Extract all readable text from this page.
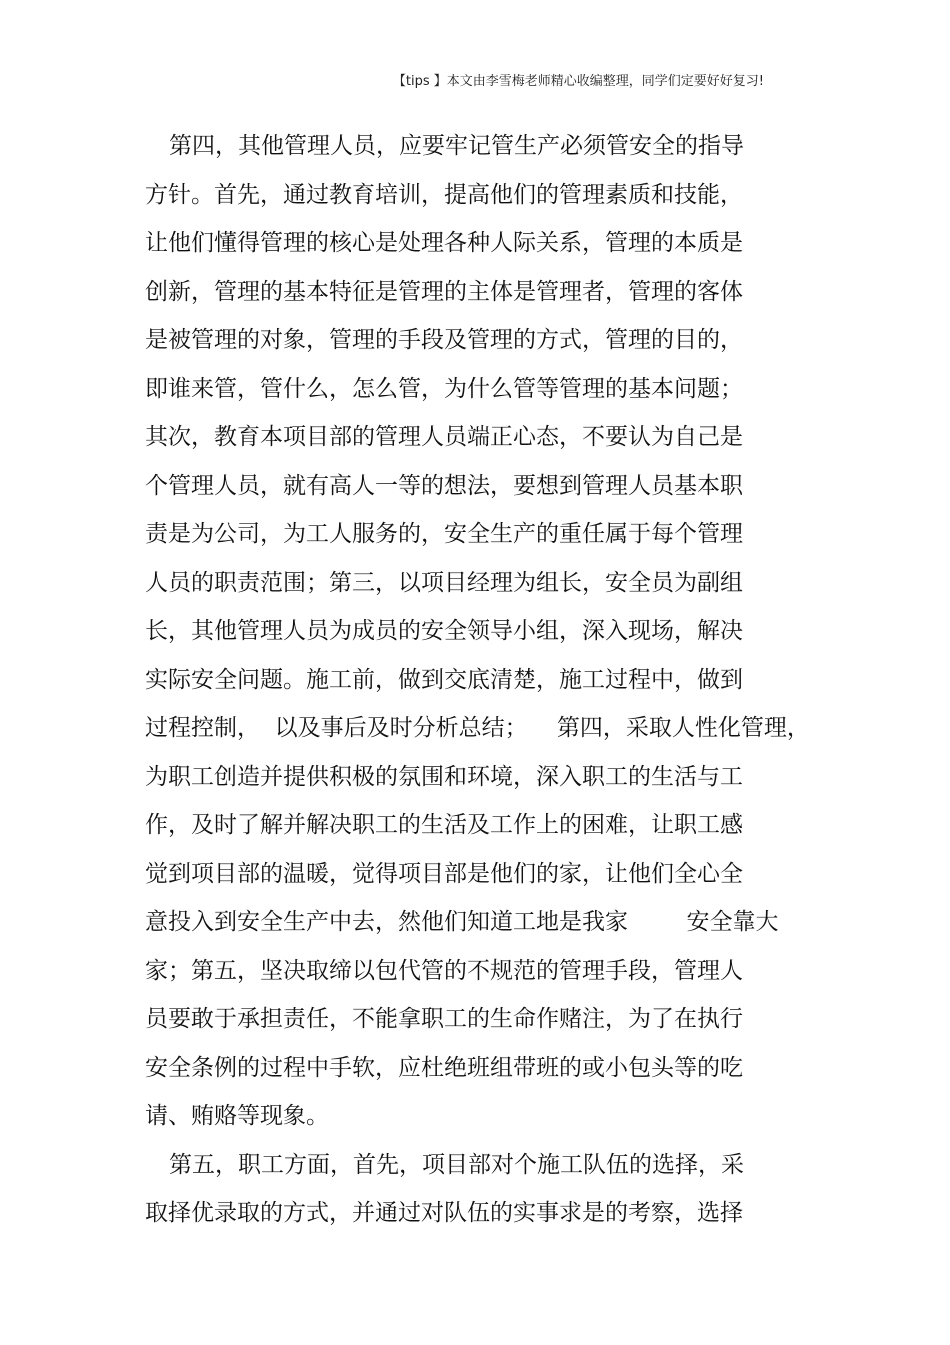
【tips 】本文由李雪梅老师精心收编整理，同学们定要好好复习!
第四，其他管理人员，应要牢记管生产必须管安全的指导
方针。首先，通过教育培训，提高他们的管理素质和技能，
让他们懂得管理的核心是处理各种人际关系，管理的本质是
创新，管理的基本特征是管理的主体是管理者，管理的客体
是被管理的对象，管理的手段及管理的方式，管理的目的，
即谁来管，管什么，怎么管，为什么管等管理的基本问题；
其次，教育本项目部的管理人员端正心态，不要认为自己是
个管理人员，就有高人一等的想法，要想到管理人员基本职
责是为公司，为工人服务的，安全生产的重任属于每个管理
人员的职责范围；第三，以项目经理为组长，安全员为副组
长，其他管理人员为成员的安全领导小组，深入现场，解决
实际安全问题。施工前，做到交底清楚，施工过程中，做到
过程控制，  以及事后及时分析总结；    第四，采取人性化管理，
为职工创造并提供积极的氛围和环境，深入职工的生活与工
作，及时了解并解决职工的生活及工作上的困难，让职工感
觉到项目部的温暖，觉得项目部是他们的家，让他们全心全
意投入到安全生产中去，然他们知道工地是我家        安全靠大
家；第五，坚决取缔以包代管的不规范的管理手段，管理人
员要敢于承担责任，不能拿职工的生命作赌注，为了在执行
安全条例的过程中手软，应杜绝班组带班的或小包头等的吃
请、贿赂等现象。
第五，职工方面，首先，项目部对个施工队伍的选择，采
取择优录取的方式，并通过对队伍的实事求是的考察，选择
